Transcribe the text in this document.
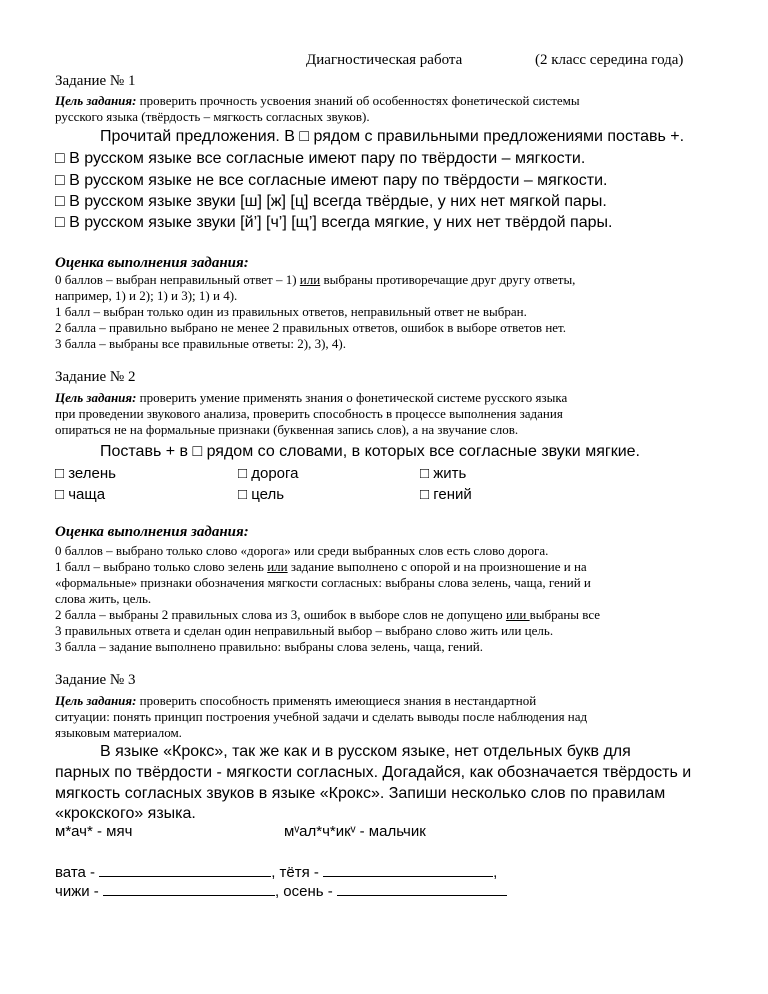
Диагностическая работа	(2 класс середина года)
Задание № 1
Цель задания: проверить прочность усвоения знаний об особенностях фонетической системы
русского языка (твёрдость – мягкость согласных звуков).
Прочитай предложения. В □ рядом с правильными предложениями поставь +.
□ В русском языке все согласные имеют пару по твёрдости – мягкости.
□ В русском языке не все согласные имеют пару по твёрдости – мягкости.
□ В русском языке звуки [ш] [ж] [ц] всегда твёрдые, у них нет мягкой пары.
□ В русском языке звуки [й’] [ч’] [щ’] всегда мягкие, у них нет твёрдой пары.
Оценка выполнения задания:
0 баллов – выбран неправильный ответ – 1) или выбраны противоречащие друг другу ответы,
например, 1) и 2); 1) и 3); 1) и 4).
1 балл – выбран только один из правильных ответов, неправильный ответ не выбран.
2 балла – правильно выбрано не менее 2 правильных ответов, ошибок в выборе ответов нет.
3 балла – выбраны все правильные ответы: 2), 3), 4).
Задание № 2
Цель задания: проверить умение применять знания о фонетической системе русского языка
при проведении звукового анализа, проверить способность в процессе выполнения задания
опираться не на формальные признаки (буквенная запись слов), а на звучание слов.
Поставь + в □ рядом со словами, в которых все согласные звуки мягкие.
□ зелень	□ дорога	□ жить
□ чаща	□ цель	□ гений
Оценка выполнения задания:
0 баллов – выбрано только слово «дорога» или среди выбранных слов есть слово дорога.
1 балл – выбрано только слово зелень или задание выполнено с опорой и на произношение и на
«формальные» признаки обозначения мягкости согласных: выбраны слова зелень, чаща, гений и
слова жить, цель.
2 балла – выбраны 2 правильных слова из 3, ошибок в выборе слов не допущено или выбраны все
3 правильных ответа и сделан один неправильный выбор – выбрано слово жить или цель.
3 балла – задание выполнено правильно: выбраны слова зелень, чаща, гений.
Задание № 3
Цель задания: проверить способность применять имеющиеся знания в нестандартной
ситуации: понять принцип построения учебной задачи и сделать выводы после наблюдения над
языковым материалом.
В языке «Крокс», так же как и в русском языке, нет отдельных букв для
парных по твёрдости - мягкости согласных. Догадайся, как обозначается твёрдость и
мягкость согласных звуков в языке «Крокс». Запиши несколько слов по правилам
«крокского» языка.
м*ач* - мяч	мᵛал*ч*икᵛ - мальчик
вата -	, тётя -	,
чижи -	, осень -
